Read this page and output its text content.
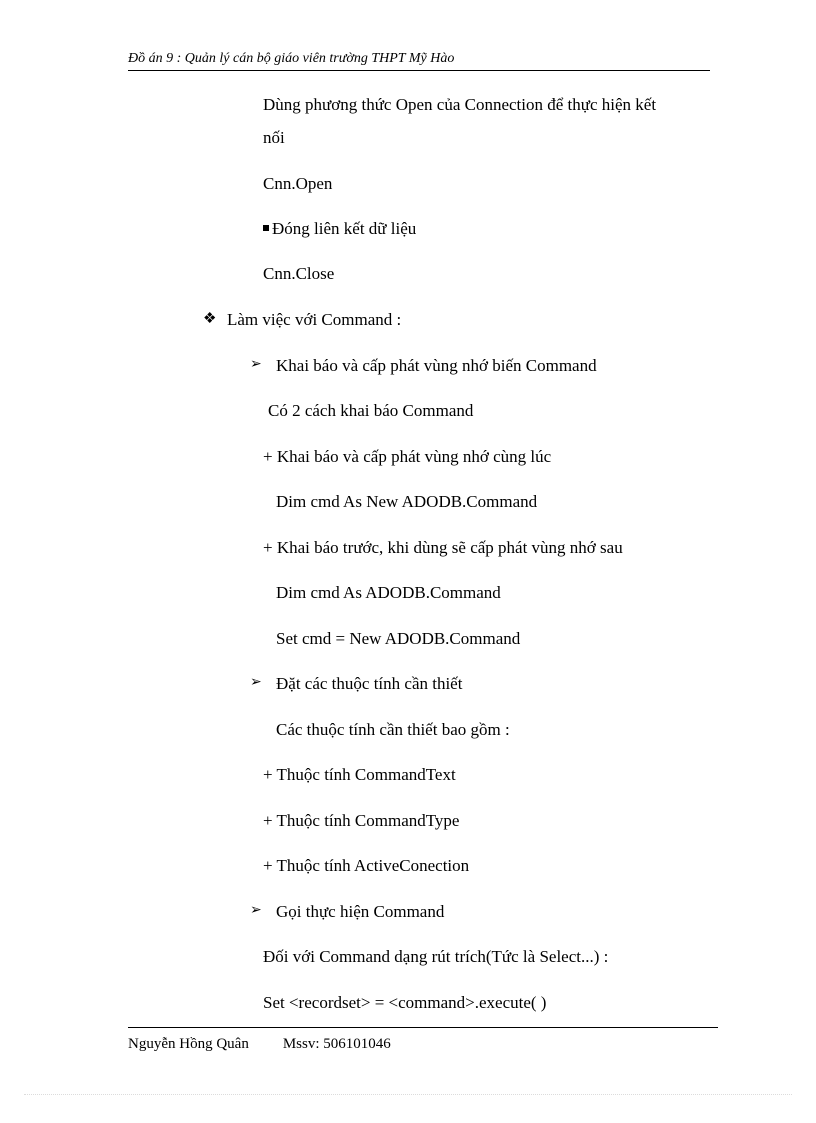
Đồ án 9 : Quản lý cán bộ giáo viên trường THPT Mỹ Hào
Dùng phương thức Open của Connection để thực hiện kết
nối
Cnn.Open
Đóng liên kết dữ liệu
Cnn.Close
❖ Làm việc với Command :
➢ Khai báo và cấp phát vùng nhớ biến Command
Có 2 cách khai báo Command
+ Khai báo và cấp phát vùng nhớ cùng lúc
Dim cmd As New ADODB.Command
+ Khai báo trước, khi dùng sẽ cấp phát vùng nhớ sau
Dim cmd As ADODB.Command
Set cmd = New ADODB.Command
➢ Đặt các thuộc tính cần thiết
Các thuộc tính cần thiết bao gồm :
+ Thuộc tính CommandText
+ Thuộc tính CommandType
+ Thuộc tính ActiveConection
➢ Gọi thực hiện Command
Đối với Command dạng rút trích(Tức là Select...) :
Set <recordset> = <command>.execute( )
Nguyễn Hồng Quân Mssv: 506101046
